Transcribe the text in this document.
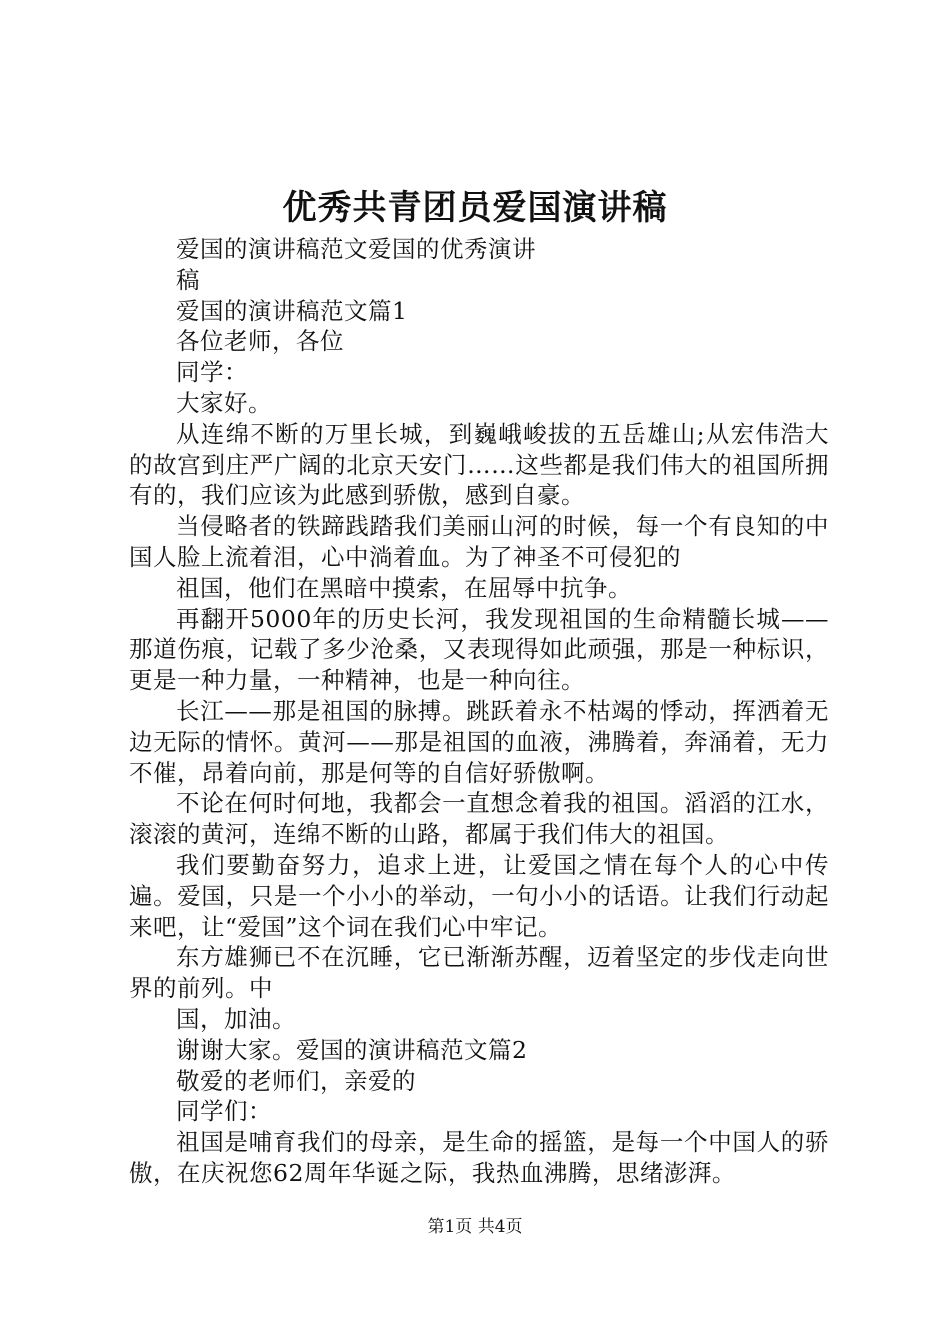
优秀共青团员爱国演讲稿

爱国的演讲稿范文爱国的优秀演讲

稿

爱国的演讲稿范文篇1

各位老师，各位

同学：

大家好。

从连绵不断的万里长城，到巍峨峻拔的五岳雄山;从宏伟浩大的故宫到庄严广阔的北京天安门……这些都是我们伟大的祖国所拥有的，我们应该为此感到骄傲，感到自豪。

当侵略者的铁蹄践踏我们美丽山河的时候，每一个有良知的中国人脸上流着泪，心中淌着血。为了神圣不可侵犯的

祖国，他们在黑暗中摸索，在屈辱中抗争。

再翻开5000年的历史长河，我发现祖国的生命精髓长城——那道伤痕，记载了多少沧桑，又表现得如此顽强，那是一种标识，更是一种力量，一种精神，也是一种向往。

长江——那是祖国的脉搏。跳跃着永不枯竭的悸动，挥洒着无边无际的情怀。黄河——那是祖国的血液，沸腾着，奔涌着，无力不催，昂着向前，那是何等的自信好骄傲啊。

不论在何时何地，我都会一直想念着我的祖国。滔滔的江水，滚滚的黄河，连绵不断的山路，都属于我们伟大的祖国。

我们要勤奋努力，追求上进，让爱国之情在每个人的心中传遍。爱国，只是一个小小的举动，一句小小的话语。让我们行动起来吧，让“爱国”这个词在我们心中牢记。

东方雄狮已不在沉睡，它已渐渐苏醒，迈着坚定的步伐走向世界的前列。中

国，加油。

谢谢大家。爱国的演讲稿范文篇2

敬爱的老师们，亲爱的

同学们：

祖国是哺育我们的母亲，是生命的摇篮，是每一个中国人的骄傲，在庆祝您62周年华诞之际，我热血沸腾，思绪澎湃。

第1页 共4页
